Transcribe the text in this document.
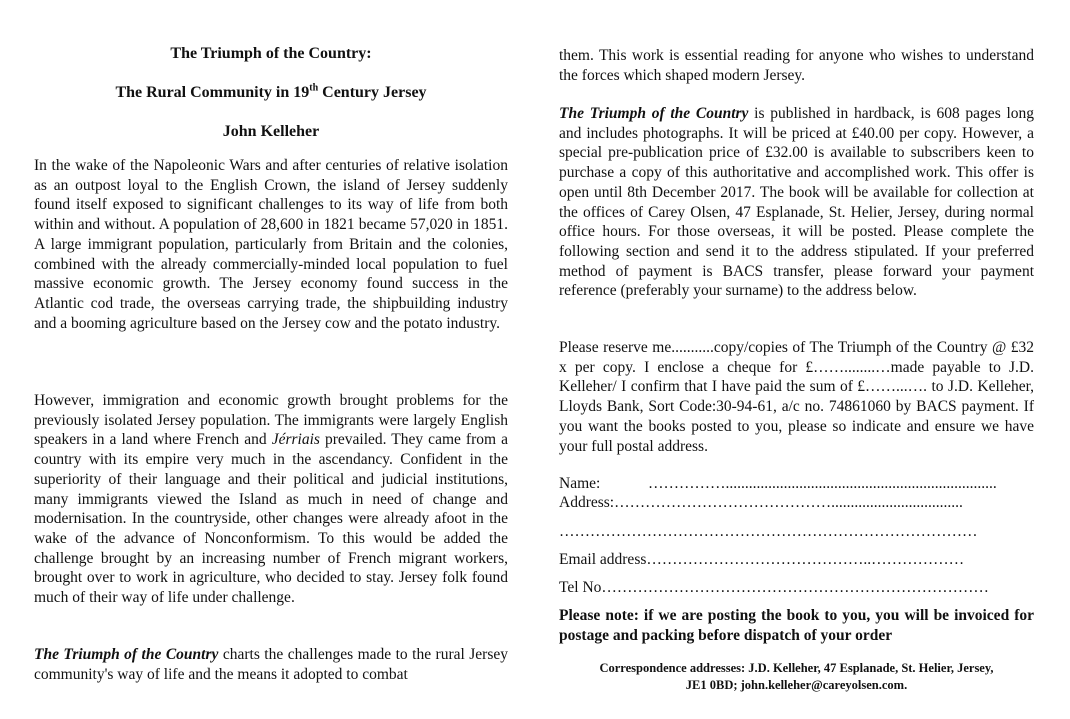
The Triumph of the Country:
The Rural Community in 19th Century Jersey
John Kelleher

In the wake of the Napoleonic Wars and after centuries of relative isolation as an outpost loyal to the English Crown, the island of Jersey suddenly found itself exposed to significant challenges to its way of life from both within and without. A population of 28,600 in 1821 became 57,020 in 1851. A large immigrant population, particularly from Britain and the colonies, combined with the already commercially-minded local population to fuel massive economic growth. The Jersey economy found success in the Atlantic cod trade, the overseas carrying trade, the shipbuilding industry and a booming agriculture based on the Jersey cow and the potato industry.

However, immigration and economic growth brought problems for the previously isolated Jersey population. The immigrants were largely English speakers in a land where French and Jérriais prevailed. They came from a country with its empire very much in the ascendancy. Confident in the superiority of their language and their political and judicial institutions, many immigrants viewed the Island as much in need of change and modernisation. In the countryside, other changes were already afoot in the wake of the advance of Nonconformism. To this would be added the challenge brought by an increasing number of French migrant workers, brought over to work in agriculture, who decided to stay. Jersey folk found much of their way of life under challenge.

The Triumph of the Country charts the challenges made to the rural Jersey community's way of life and the means it adopted to combat

them. This work is essential reading for anyone who wishes to understand the forces which shaped modern Jersey.

The Triumph of the Country is published in hardback, is 608 pages long and includes photographs. It will be priced at £40.00 per copy. However, a special pre-publication price of £32.00 is available to subscribers keen to purchase a copy of this authoritative and accomplished work. This offer is open until 8th December 2017. The book will be available for collection at the offices of Carey Olsen, 47 Esplanade, St. Helier, Jersey, during normal office hours. For those overseas, it will be posted. Please complete the following section and send it to the address stipulated. If your preferred method of payment is BACS transfer, please forward your payment reference (preferably your surname) to the address below.

Please reserve me...........copy/copies of The Triumph of the Country @ £32 x per copy. I enclose a cheque for £……........…made payable to J.D. Kelleher/ I confirm that I have paid the sum of £……...…. to J.D. Kelleher, Lloyds Bank, Sort Code:30-94-61, a/c no. 74861060 by BACS payment. If you want the books posted to you, please so indicate and ensure we have your full postal address.

Name:	……………......................................................................
Address:……………………………………..................................
………………………………………………………………………
Email address……………………………………..………………
Tel No…………………………………………………………………
Please note: if we are posting the book to you, you will be invoiced for postage and packing before dispatch of your order
Correspondence addresses: J.D. Kelleher, 47 Esplanade, St. Helier, Jersey,
JE1 0BD; john.kelleher@careyolsen.com.
